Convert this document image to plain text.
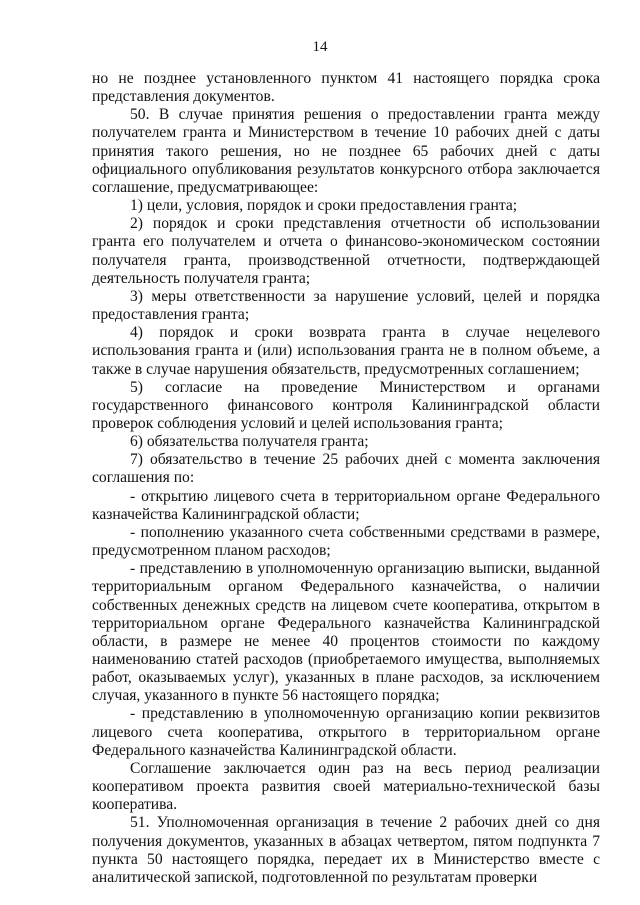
14

но не позднее установленного пунктом 41 настоящего порядка срока представления документов.

50. В случае принятия решения о предоставлении гранта между получателем гранта и Министерством в течение 10 рабочих дней с даты принятия такого решения, но не позднее 65 рабочих дней с даты официального опубликования результатов конкурсного отбора заключается соглашение, предусматривающее:

1) цели, условия, порядок и сроки предоставления гранта;

2) порядок и сроки представления отчетности об использовании гранта его получателем и отчета о финансово-экономическом состоянии получателя гранта, производственной отчетности, подтверждающей деятельность получателя гранта;

3) меры ответственности за нарушение условий, целей и порядка предоставления гранта;

4) порядок и сроки возврата гранта в случае нецелевого использования гранта и (или) использования гранта не в полном объеме, а также в случае нарушения обязательств, предусмотренных соглашением;

5) согласие на проведение Министерством и органами государственного финансового контроля Калининградской области проверок соблюдения условий и целей использования гранта;

6) обязательства получателя гранта;

7) обязательство в течение 25 рабочих дней с момента заключения соглашения по:

- открытию лицевого счета в территориальном органе Федерального казначейства Калининградской области;

- пополнению указанного счета собственными средствами в размере, предусмотренном планом расходов;

- представлению в уполномоченную организацию выписки, выданной территориальным органом Федерального казначейства, о наличии собственных денежных средств на лицевом счете кооператива, открытом в территориальном органе Федерального казначейства Калининградской области, в размере не менее 40 процентов стоимости по каждому наименованию статей расходов (приобретаемого имущества, выполняемых работ, оказываемых услуг), указанных в плане расходов, за исключением случая, указанного в пункте 56 настоящего порядка;

- представлению в уполномоченную организацию копии реквизитов лицевого счета кооператива, открытого в территориальном органе Федерального казначейства Калининградской области.

Соглашение заключается один раз на весь период реализации кооперативом проекта развития своей материально-технической базы кооператива.

51. Уполномоченная организация в течение 2 рабочих дней со дня получения документов, указанных в абзацах четвертом, пятом подпункта 7 пункта 50 настоящего порядка, передает их в Министерство вместе с аналитической запиской, подготовленной по результатам проверки
